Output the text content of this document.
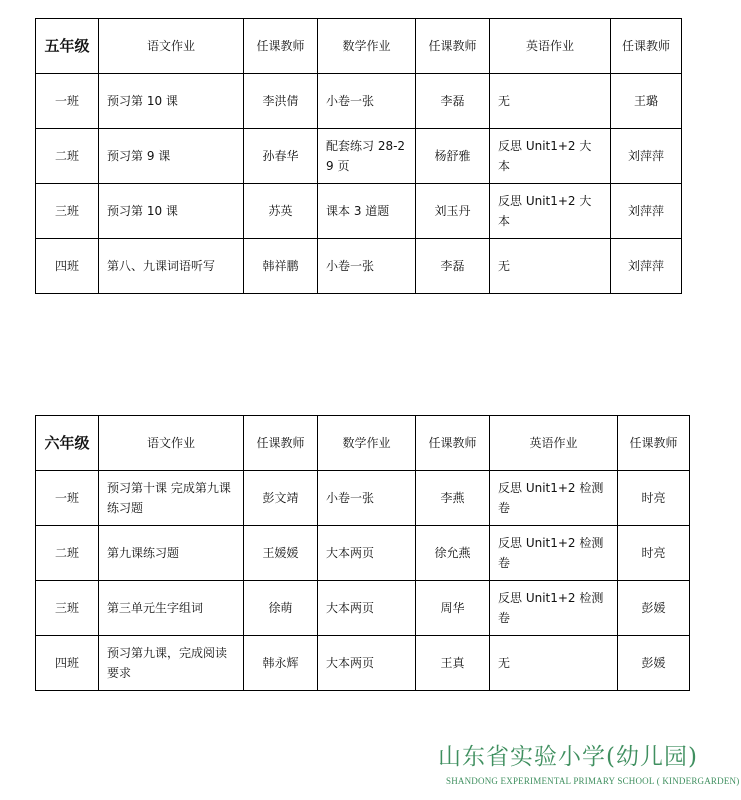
五年级	语文作业	任课教师	数学作业	任课教师	英语作业	任课教师
一班	预习第 10 课	李洪倩	小卷一张	李磊	无	王璐
二班	预习第 9 课	孙春华	配套练习 28-29 页	杨舒雅	反思 Unit1+2 大本	刘萍萍
三班	预习第 10 课	苏英	课本 3 道题	刘玉丹	反思 Unit1+2 大本	刘萍萍
四班	第八、九课词语听写	韩祥鹏	小卷一张	李磊	无	刘萍萍
六年级	语文作业	任课教师	数学作业	任课教师	英语作业	任课教师
一班	预习第十课 完成第九课练习题	彭文靖	小卷一张	李燕	反思 Unit1+2 检测卷	时亮
二班	第九课练习题	王媛媛	大本两页	徐允燕	反思 Unit1+2 检测卷	时亮
三班	第三单元生字组词	徐萌	大本两页	周华	反思 Unit1+2 检测卷	彭媛
四班	预习第九课，完成阅读要求	韩永辉	大本两页	王真	无	彭媛
山东省实验小学(幼儿园)
SHANDONG EXPERIMENTAL PRIMARY SCHOOL ( KINDERGARDEN)
